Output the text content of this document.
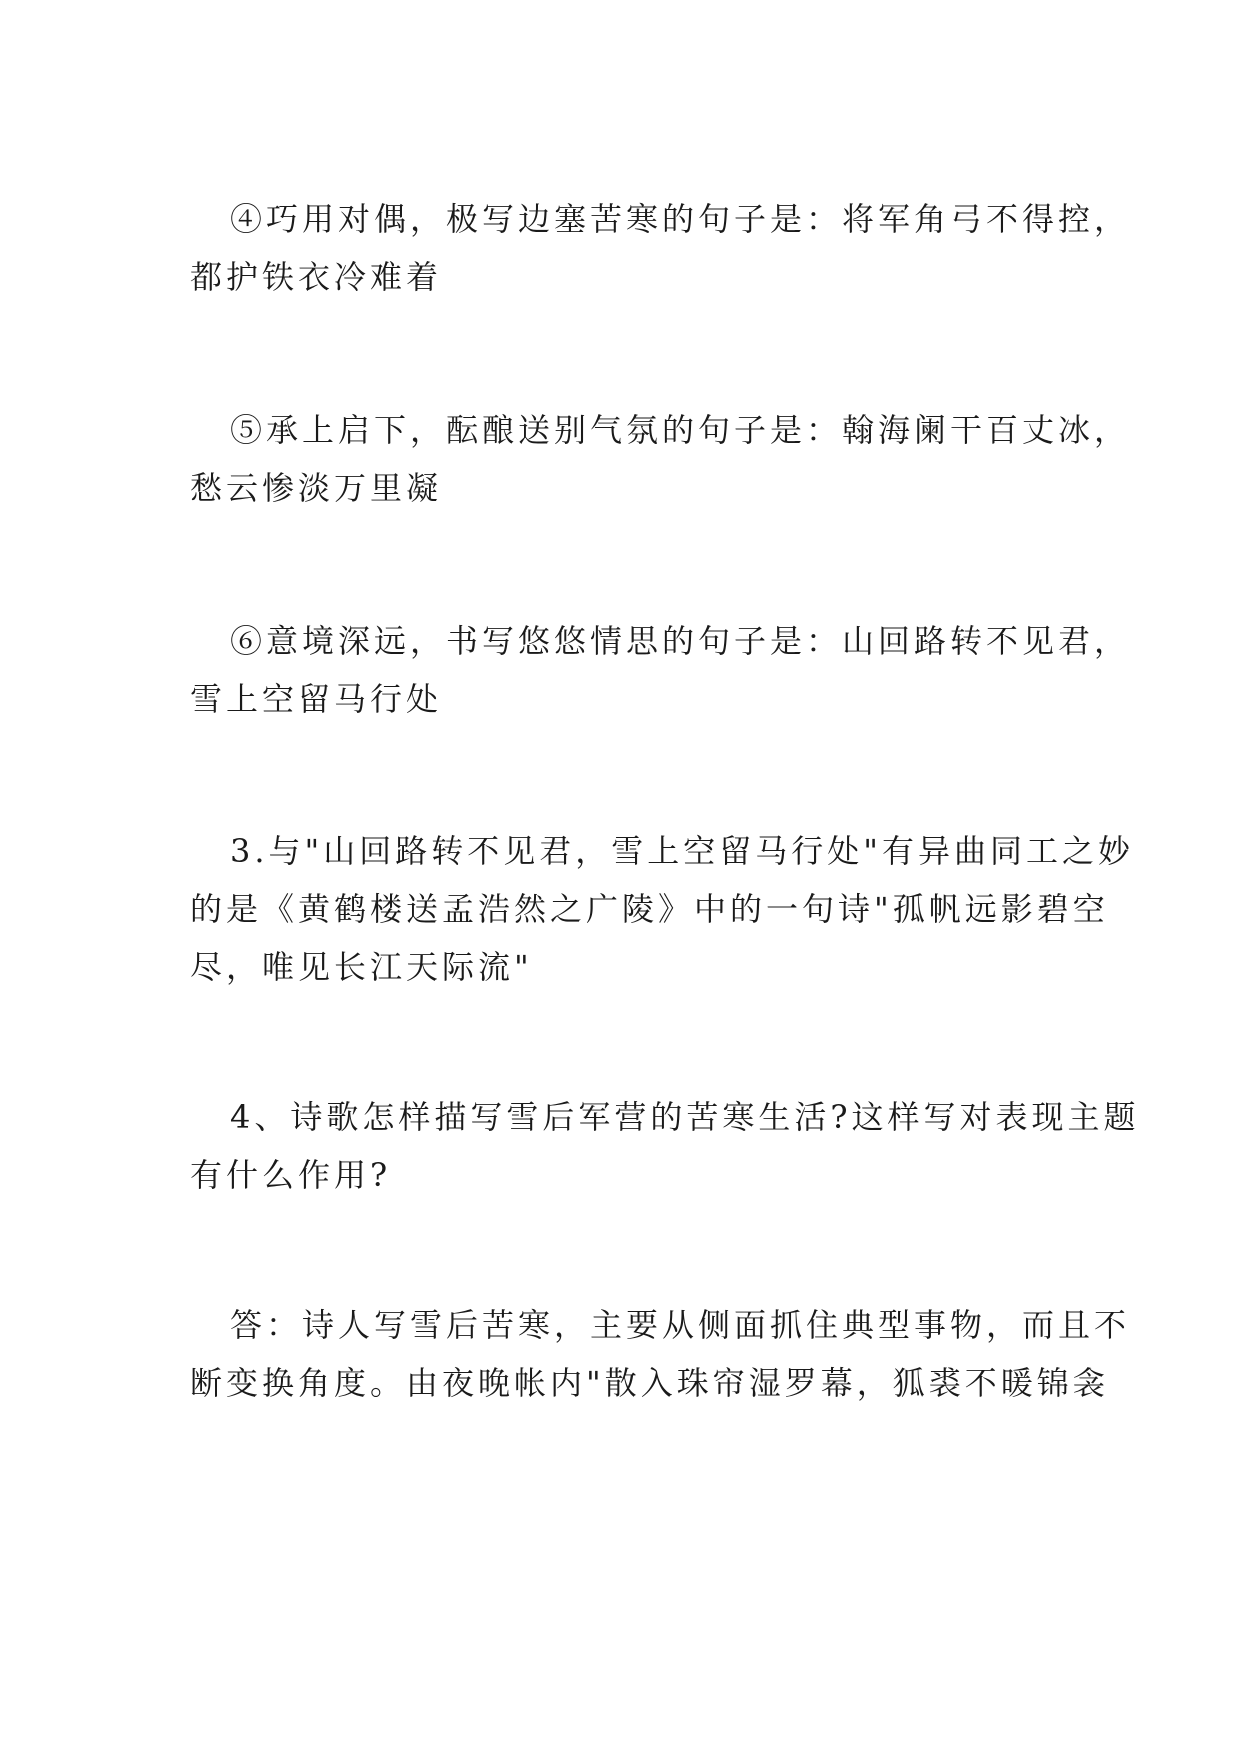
④巧用对偶，极写边塞苦寒的句子是：将军角弓不得控，
都护铁衣冷难着
⑤承上启下，酝酿送别气氛的句子是：翰海阑干百丈冰，
愁云惨淡万里凝
⑥意境深远，书写悠悠情思的句子是：山回路转不见君，
雪上空留马行处
3.与"山回路转不见君，雪上空留马行处"有异曲同工之妙
的是《黄鹤楼送孟浩然之广陵》中的一句诗"孤帆远影碧空
尽，唯见长江天际流"
4、诗歌怎样描写雪后军营的苦寒生活?这样写对表现主题
有什么作用?
答：诗人写雪后苦寒，主要从侧面抓住典型事物，而且不
断变换角度。由夜晚帐内"散入珠帘湿罗幕，狐裘不暖锦衾
